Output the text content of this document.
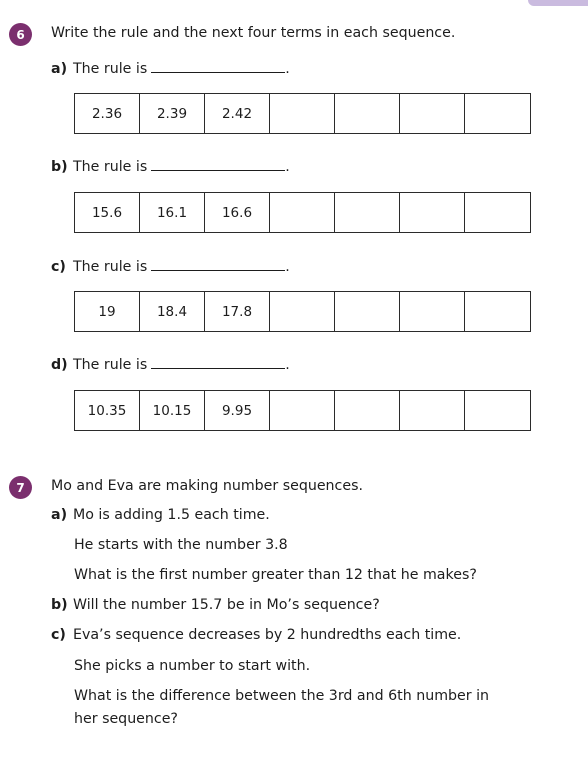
6 Write the rule and the next four terms in each sequence.
a) The rule is	.
2.36	2.39	2.42
b) The rule is	.
15.6	16.1	16.6
c) The rule is	.
19	18.4	17.8
d) The rule is	.
10.35	10.15	9.95
7 Mo and Eva are making number sequences.
a) Mo is adding 1.5 each time.
He starts with the number 3.8
What is the first number greater than 12 that he makes?
b) Will the number 15.7 be in Mo’s sequence?
c) Eva’s sequence decreases by 2 hundredths each time.
She picks a number to start with.
What is the difference between the 3rd and 6th number in
her sequence?
